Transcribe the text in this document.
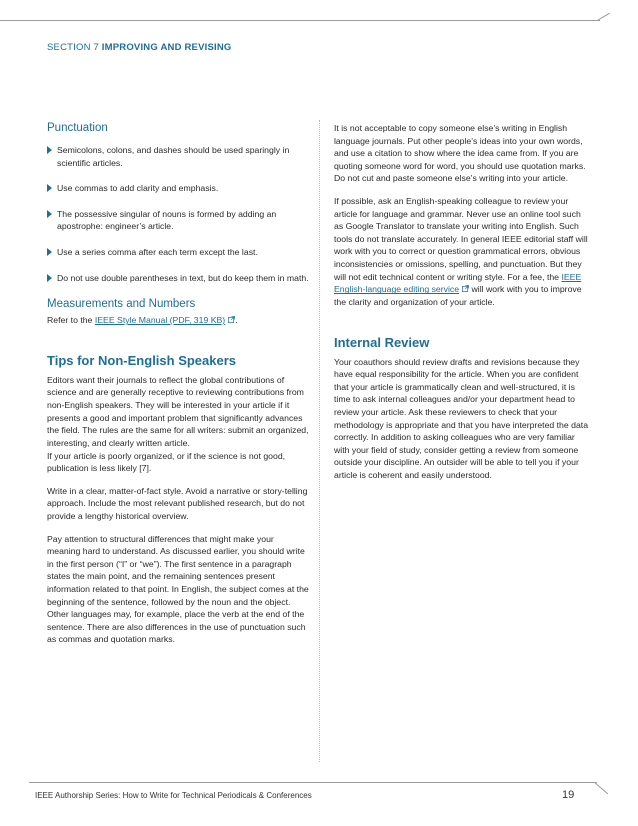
SECTION 7 IMPROVING AND REVISING
Punctuation
Semicolons, colons, and dashes should be used sparingly in scientific articles.
Use commas to add clarity and emphasis.
The possessive singular of nouns is formed by adding an apostrophe: engineer’s article.
Use a series comma after each term except the last.
Do not use double parentheses in text, but do keep them in math.
Measurements and Numbers

Refer to the IEEE Style Manual (PDF, 319 KB) .

Tips for Non-English Speakers

Editors want their journals to reflect the global contributions of science and are generally receptive to reviewing contributions from non-English speakers. They will be interested in your article if it presents a good and important problem that significantly advances the field. The rules are the same for all writers: submit an organized, interesting, and clearly written article.

If your article is poorly organized, or if the science is not good, publication is less likely [7].

Write in a clear, matter-of-fact style. Avoid a narrative or story-telling approach. Include the most relevant published research, but do not provide a lengthy historical overview.

Pay attention to structural differences that might make your meaning hard to understand. As discussed earlier, you should write in the first person (“I” or “we”). The first sentence in a paragraph states the main point, and the remaining sentences present information related to that point. In English, the subject comes at the beginning of the sentence, followed by the noun and the object. Other languages may, for example, place the verb at the end of the sentence. There are also differences in the use of punctuation such as commas and quotation marks.

It is not acceptable to copy someone else’s writing in English language journals. Put other people’s ideas into your own words, and use a citation to show where the idea came from. If you are quoting someone word for word, you should use quotation marks. Do not cut and paste someone else’s writing into your article.

If possible, ask an English-speaking colleague to review your article for language and grammar. Never use an online tool such as Google Translator to translate your writing into English. Such tools do not translate accurately. In general IEEE editorial staff will work with you to correct or question grammatical errors, obvious inconsistencies or omissions, spelling, and punctuation. But they will not edit technical content or writing style. For a fee, the IEEE English-language editing service will work with you to improve the clarity and organization of your article.

Internal Review

Your coauthors should review drafts and revisions because they have equal responsibility for the article. When you are confident that your article is grammatically clean and well-structured, it is time to ask internal colleagues and/or your department head to review your article. Ask these reviewers to check that your methodology is appropriate and that you have interpreted the data correctly. In addition to asking colleagues who are very familiar with your field of study, consider getting a review from someone outside your discipline. An outsider will be able to tell you if your article is coherent and easily understood.

IEEE Authorship Series: How to Write for Technical Periodicals & Conferences	19
